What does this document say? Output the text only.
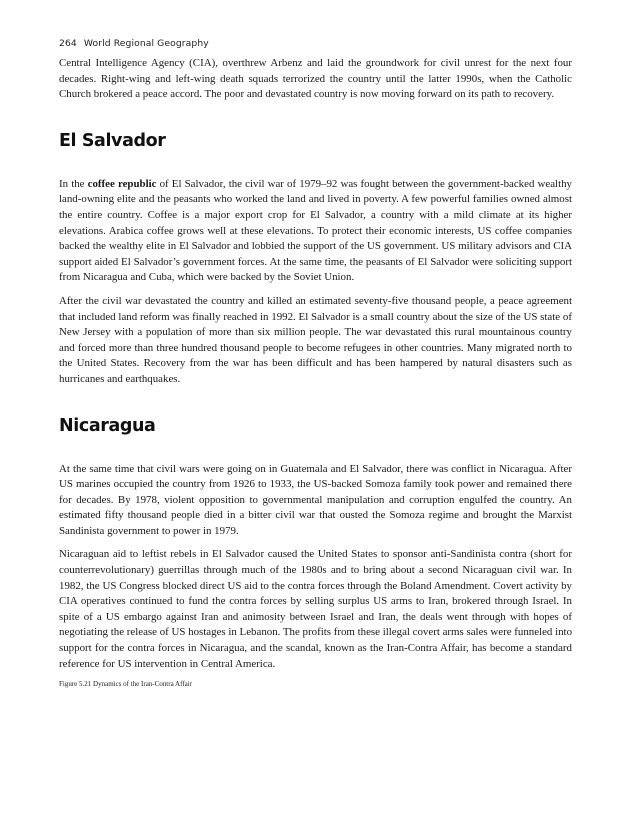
264 World Regional Geography

Central Intelligence Agency (CIA), overthrew Arbenz and laid the groundwork for civil unrest for the next four decades. Right-wing and left-wing death squads terrorized the country until the latter 1990s, when the Catholic Church brokered a peace accord. The poor and devastated country is now moving forward on its path to recovery.

El Salvador

In the coffee republic of El Salvador, the civil war of 1979–92 was fought between the government-backed wealthy land-owning elite and the peasants who worked the land and lived in poverty. A few powerful families owned almost the entire country. Coffee is a major export crop for El Salvador, a country with a mild climate at its higher elevations. Arabica coffee grows well at these elevations. To protect their economic interests, US coffee companies backed the wealthy elite in El Salvador and lobbied the support of the US government. US military advisors and CIA support aided El Salvador’s government forces. At the same time, the peasants of El Salvador were soliciting support from Nicaragua and Cuba, which were backed by the Soviet Union.

After the civil war devastated the country and killed an estimated seventy-five thousand people, a peace agreement that included land reform was finally reached in 1992. El Salvador is a small country about the size of the US state of New Jersey with a population of more than six million people. The war devastated this rural mountainous country and forced more than three hundred thousand people to become refugees in other countries. Many migrated north to the United States. Recovery from the war has been difficult and has been hampered by natural disasters such as hurricanes and earthquakes.

Nicaragua

At the same time that civil wars were going on in Guatemala and El Salvador, there was conflict in Nicaragua. After US marines occupied the country from 1926 to 1933, the US-backed Somoza family took power and remained there for decades. By 1978, violent opposition to governmental manipulation and corruption engulfed the country. An estimated fifty thousand people died in a bitter civil war that ousted the Somoza regime and brought the Marxist Sandinista government to power in 1979.

Nicaraguan aid to leftist rebels in El Salvador caused the United States to sponsor anti-Sandinista contra (short for counterrevolutionary) guerrillas through much of the 1980s and to bring about a second Nicaraguan civil war. In 1982, the US Congress blocked direct US aid to the contra forces through the Boland Amendment. Covert activity by CIA operatives continued to fund the contra forces by selling surplus US arms to Iran, brokered through Israel. In spite of a US embargo against Iran and animosity between Israel and Iran, the deals went through with hopes of negotiating the release of US hostages in Lebanon. The profits from these illegal covert arms sales were funneled into support for the contra forces in Nicaragua, and the scandal, known as the Iran-Contra Affair, has become a standard reference for US intervention in Central America.

Figure 5.21 Dynamics of the Iran-Contra Affair
